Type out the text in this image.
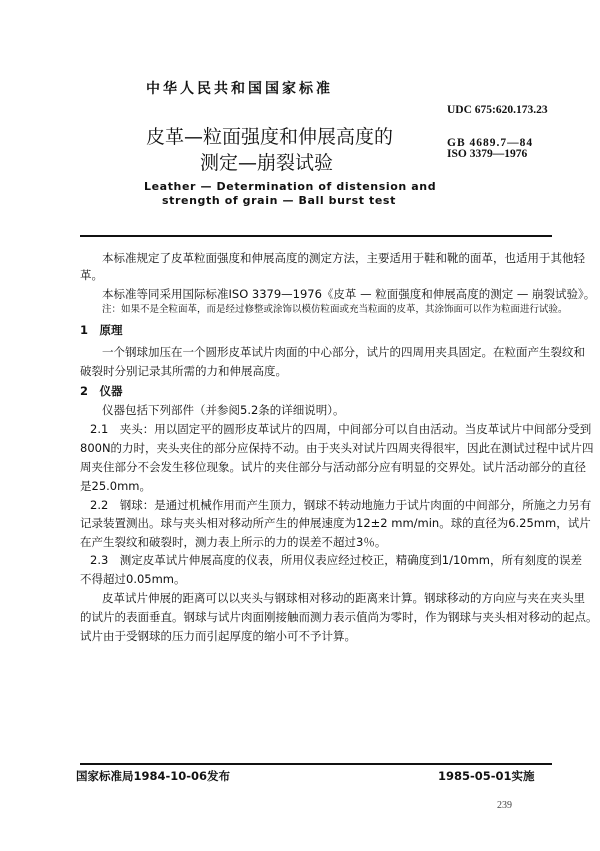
中华人民共和国国家标准
UDC 675:620.173.23
GB 4689.7—84
ISO 3379—1976
皮革—粒面强度和伸展高度的
测定—崩裂试验
Leather — Determination of distension and
strength of grain — Ball burst test
本标准规定了皮革粒面强度和伸展高度的测定方法，主要适用于鞋和靴的面革，也适用于其他轻
革。
本标准等同采用国际标准ISO 3379—1976《皮革 — 粒面强度和伸展高度的测定 — 崩裂试验》。
注：如果不是全粒面革，而是经过修整或涂饰以模仿粒面或充当粒面的皮革，其涂饰面可以作为粒面进行试验。
1　原理
一个钢球加压在一个圆形皮革试片肉面的中心部分，试片的四周用夹具固定。在粒面产生裂纹和
破裂时分别记录其所需的力和伸展高度。
2　仪器
仪器包括下列部件（并参阅5.2条的详细说明）。
2.1　夹头：用以固定平的圆形皮革试片的四周，中间部分可以自由活动。当皮革试片中间部分受到
800N的力时，夹头夹住的部分应保持不动。由于夹头对试片四周夹得很牢，因此在测试过程中试片四
周夹住部分不会发生移位现象。试片的夹住部分与活动部分应有明显的交界处。试片活动部分的直径
是25.0mm。
2.2　钢球：是通过机械作用而产生顶力，钢球不转动地施力于试片肉面的中间部分，所施之力另有
记录装置测出。球与夹头相对移动所产生的伸展速度为12±2 mm/min。球的直径为6.25mm，试片
在产生裂纹和破裂时，测力表上所示的力的误差不超过3％。
2.3　测定皮革试片伸展高度的仪表，所用仪表应经过校正，精确度到1/10mm，所有刻度的误差
不得超过0.05mm。
皮革试片伸展的距离可以以夹头与钢球相对移动的距离来计算。钢球移动的方向应与夹在夹头里
的试片的表面垂直。钢球与试片肉面刚接触而测力表示值尚为零时，作为钢球与夹头相对移动的起点。
试片由于受钢球的压力而引起厚度的缩小可不予计算。
国家标准局1984-10-06发布	1985-05-01实施
239
